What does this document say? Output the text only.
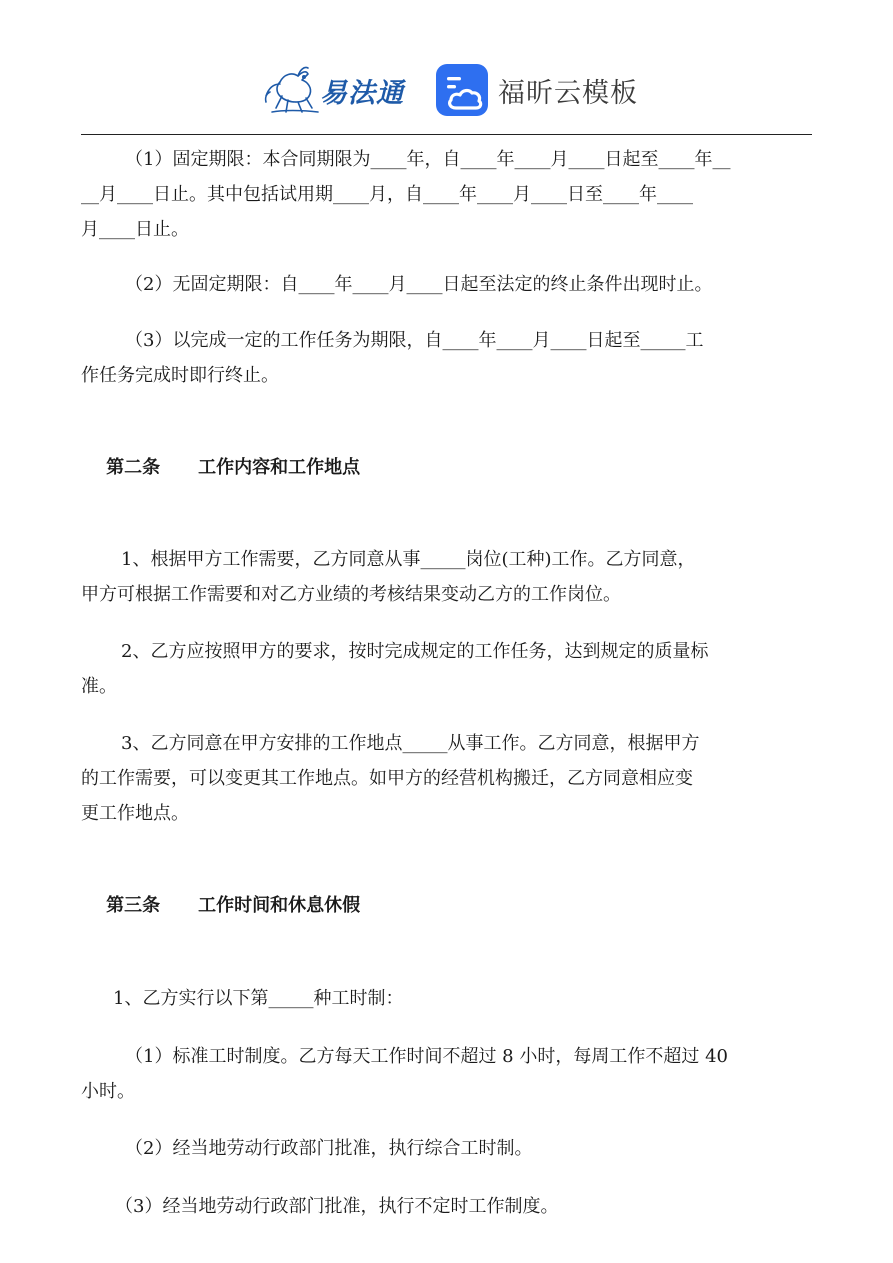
易法通	福昕云模板

（1）固定期限：本合同期限为____年，自____年____月____日起至____年__

__月____日止。其中包括试用期____月，自____年____月____日至____年____

月____日止。

（2）无固定期限：自____年____月____日起至法定的终止条件出现时止。

（3）以完成一定的工作任务为期限，自____年____月____日起至_____工

作任务完成时即行终止。

第二条 工作内容和工作地点

1、根据甲方工作需要，乙方同意从事_____岗位(工种)工作。乙方同意，

甲方可根据工作需要和对乙方业绩的考核结果变动乙方的工作岗位。

2、乙方应按照甲方的要求，按时完成规定的工作任务，达到规定的质量标

准。

3、乙方同意在甲方安排的工作地点_____从事工作。乙方同意，根据甲方

的工作需要，可以变更其工作地点。如甲方的经营机构搬迁，乙方同意相应变

更工作地点。

第三条 工作时间和休息休假

1、乙方实行以下第_____种工时制：

（1）标准工时制度。乙方每天工作时间不超过 8 小时，每周工作不超过 40

小时。

（2）经当地劳动行政部门批准，执行综合工时制。

（3）经当地劳动行政部门批准，执行不定时工作制度。
